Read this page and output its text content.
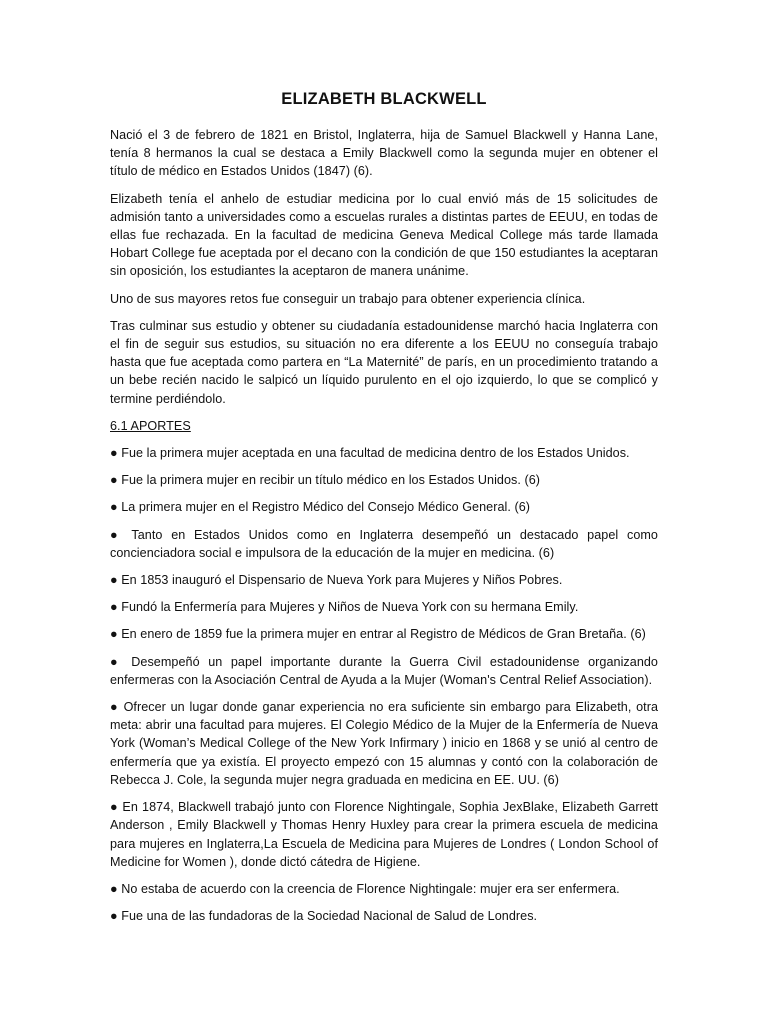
ELIZABETH BLACKWELL

Nació el 3 de febrero de 1821 en Bristol, Inglaterra, hija de Samuel Blackwell y Hanna Lane, tenía 8 hermanos la cual se destaca a Emily Blackwell como la segunda mujer en obtener el título de médico en Estados Unidos (1847) (6).

Elizabeth tenía el anhelo de estudiar medicina por lo cual envió más de 15 solicitudes de admisión tanto a universidades como a escuelas rurales a distintas partes de EEUU, en todas de ellas fue rechazada. En la facultad de medicina Geneva Medical College más tarde llamada Hobart College fue aceptada por el decano con la condición de que 150 estudiantes la aceptaran sin oposición, los estudiantes la aceptaron de manera unánime.

Uno de sus mayores retos fue conseguir un trabajo para obtener experiencia clínica.

Tras culminar sus estudio y obtener su ciudadanía estadounidense marchó hacia Inglaterra con el fin de seguir sus estudios, su situación no era diferente a los EEUU no conseguía trabajo hasta que fue aceptada como partera en “La Maternité” de parís, en un procedimiento tratando a un bebe recién nacido le salpicó un líquido purulento en el ojo izquierdo, lo que se complicó y termine perdiéndolo.

6.1 APORTES

● Fue la primera mujer aceptada en una facultad de medicina dentro de los Estados Unidos.

● Fue la primera mujer en recibir un título médico en los Estados Unidos. (6)

● La primera mujer en el Registro Médico del Consejo Médico General. (6)

● Tanto en Estados Unidos como en Inglaterra desempeñó un destacado papel como concienciadora social e impulsora de la educación de la mujer en medicina. (6)

● En 1853 inauguró el Dispensario de Nueva York para Mujeres y Niños Pobres.

● Fundó la Enfermería para Mujeres y Niños de Nueva York con su hermana Emily.

● En enero de 1859 fue la primera mujer en entrar al Registro de Médicos de Gran Bretaña. (6)

● Desempeñó un papel importante durante la Guerra Civil estadounidense organizando enfermeras con la Asociación Central de Ayuda a la Mujer (Woman's Central Relief Association).

● Ofrecer un lugar donde ganar experiencia no era suficiente sin embargo para Elizabeth, otra meta: abrir una facultad para mujeres. El Colegio Médico de la Mujer de la Enfermería de Nueva York (Woman’s Medical College of the New York Infirmary ) inicio en 1868 y se unió al centro de enfermería que ya existía. El proyecto empezó con 15 alumnas y contó con la colaboración de Rebecca J. Cole, la segunda mujer negra graduada en medicina en EE. UU. (6)

● En 1874, Blackwell trabajó junto con Florence Nightingale, Sophia JexBlake, Elizabeth Garrett Anderson , Emily Blackwell y Thomas Henry Huxley para crear la primera escuela de medicina para mujeres en Inglaterra,La Escuela de Medicina para Mujeres de Londres ( London School of Medicine for Women ), donde dictó cátedra de Higiene.

● No estaba de acuerdo con la creencia de Florence Nightingale: mujer era ser enfermera.

● Fue una de las fundadoras de la Sociedad Nacional de Salud de Londres.
